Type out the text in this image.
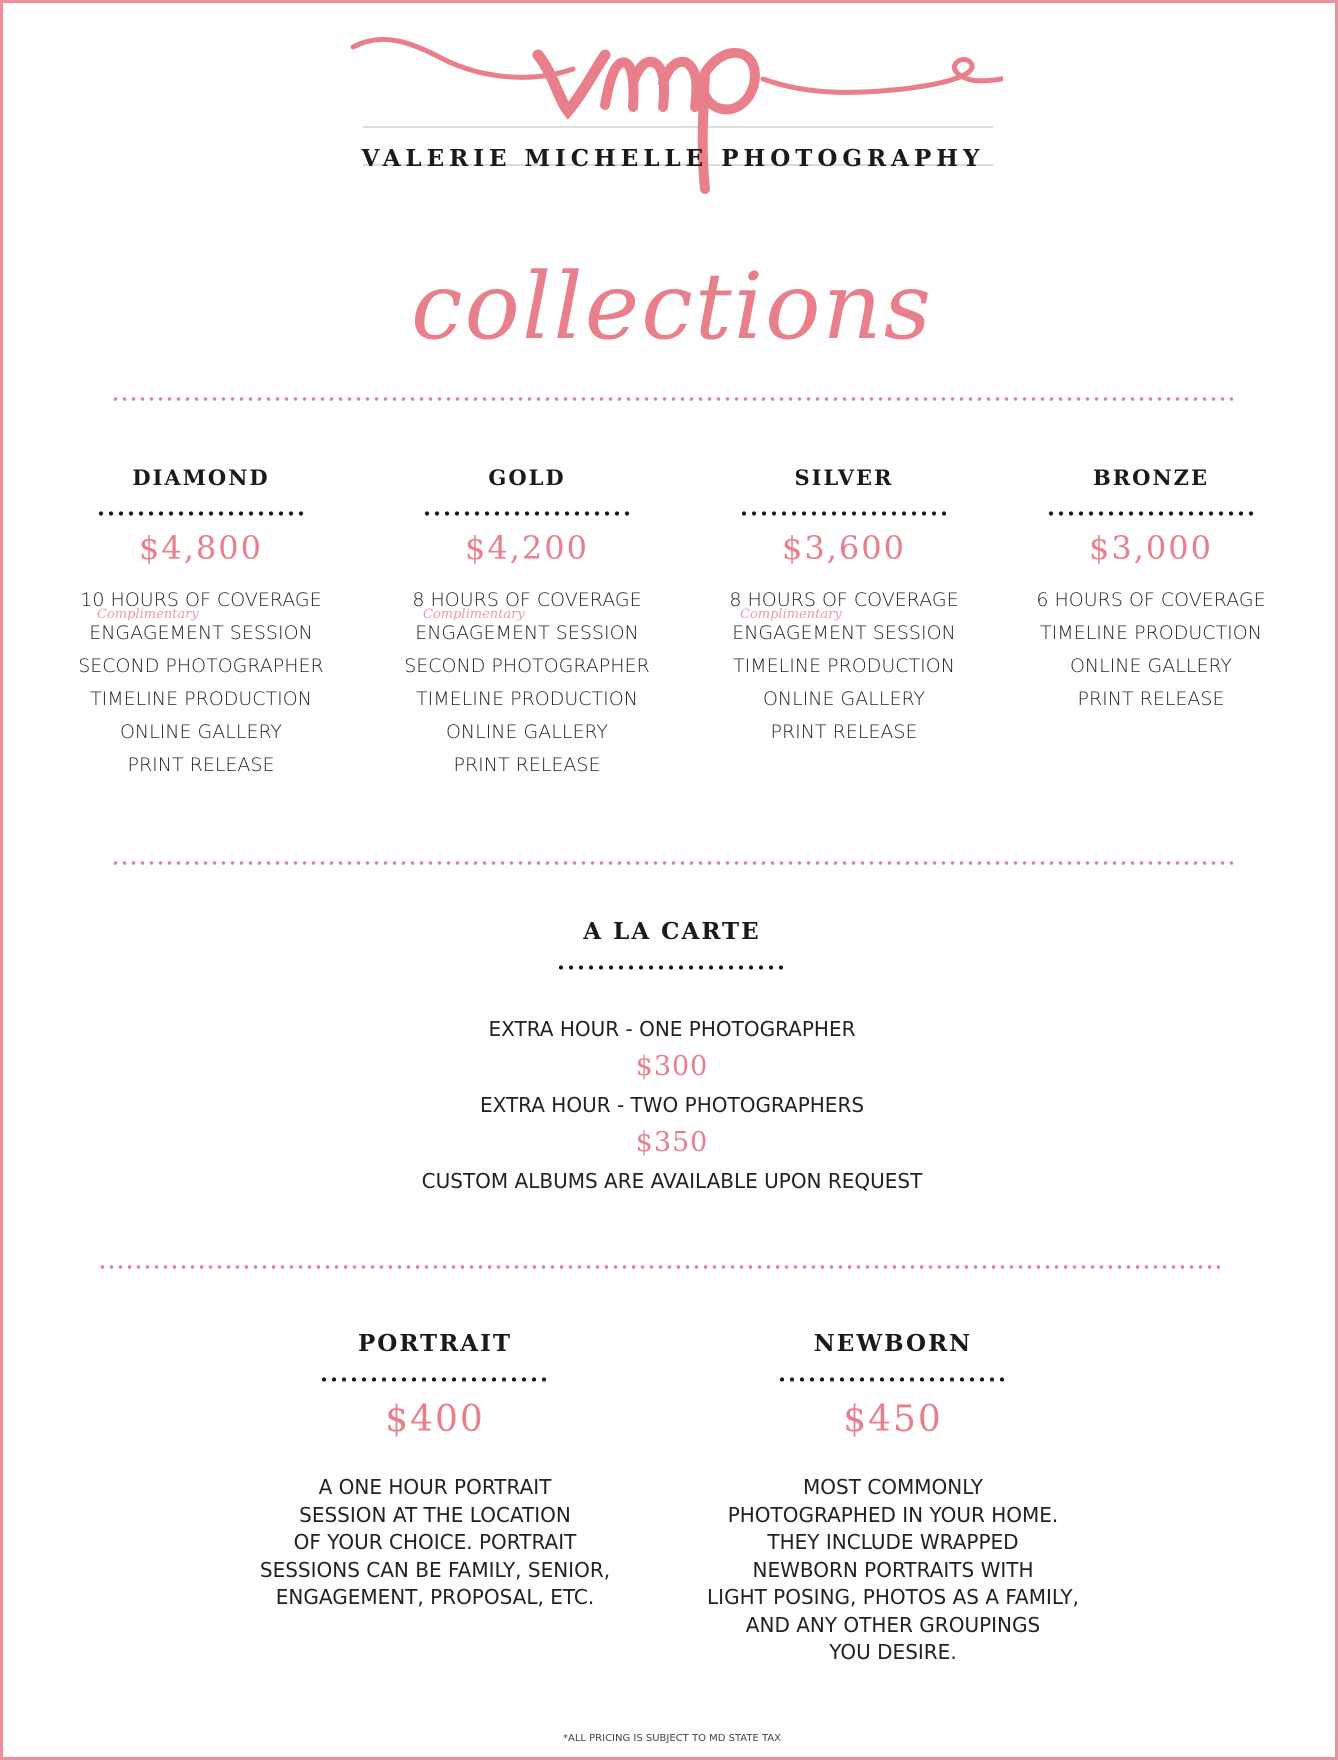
VALERIE MICHELLE PHOTOGRAPHY
collections
DIAMOND
$4,800
10 HOURS OF COVERAGE
Complimentary
ENGAGEMENT SESSION
SECOND PHOTOGRAPHER
TIMELINE PRODUCTION
ONLINE GALLERY
PRINT RELEASE
GOLD
$4,200
8 HOURS OF COVERAGE
Complimentary
ENGAGEMENT SESSION
SECOND PHOTOGRAPHER
TIMELINE PRODUCTION
ONLINE GALLERY
PRINT RELEASE
SILVER
$3,600
8 HOURS OF COVERAGE
Complimentary
ENGAGEMENT SESSION
TIMELINE PRODUCTION
ONLINE GALLERY
PRINT RELEASE
BRONZE
$3,000
6 HOURS OF COVERAGE
TIMELINE PRODUCTION
ONLINE GALLERY
PRINT RELEASE
A LA CARTE
EXTRA HOUR - ONE PHOTOGRAPHER
$300
EXTRA HOUR - TWO PHOTOGRAPHERS
$350
CUSTOM ALBUMS ARE AVAILABLE UPON REQUEST
PORTRAIT
$400
A ONE HOUR PORTRAIT
SESSION AT THE LOCATION
OF YOUR CHOICE. PORTRAIT
SESSIONS CAN BE FAMILY, SENIOR,
ENGAGEMENT, PROPOSAL, ETC.
NEWBORN
$450
MOST COMMONLY
PHOTOGRAPHED IN YOUR HOME.
THEY INCLUDE WRAPPED
NEWBORN PORTRAITS WITH
LIGHT POSING, PHOTOS AS A FAMILY,
AND ANY OTHER GROUPINGS
YOU DESIRE.
*ALL PRICING IS SUBJECT TO MD STATE TAX
